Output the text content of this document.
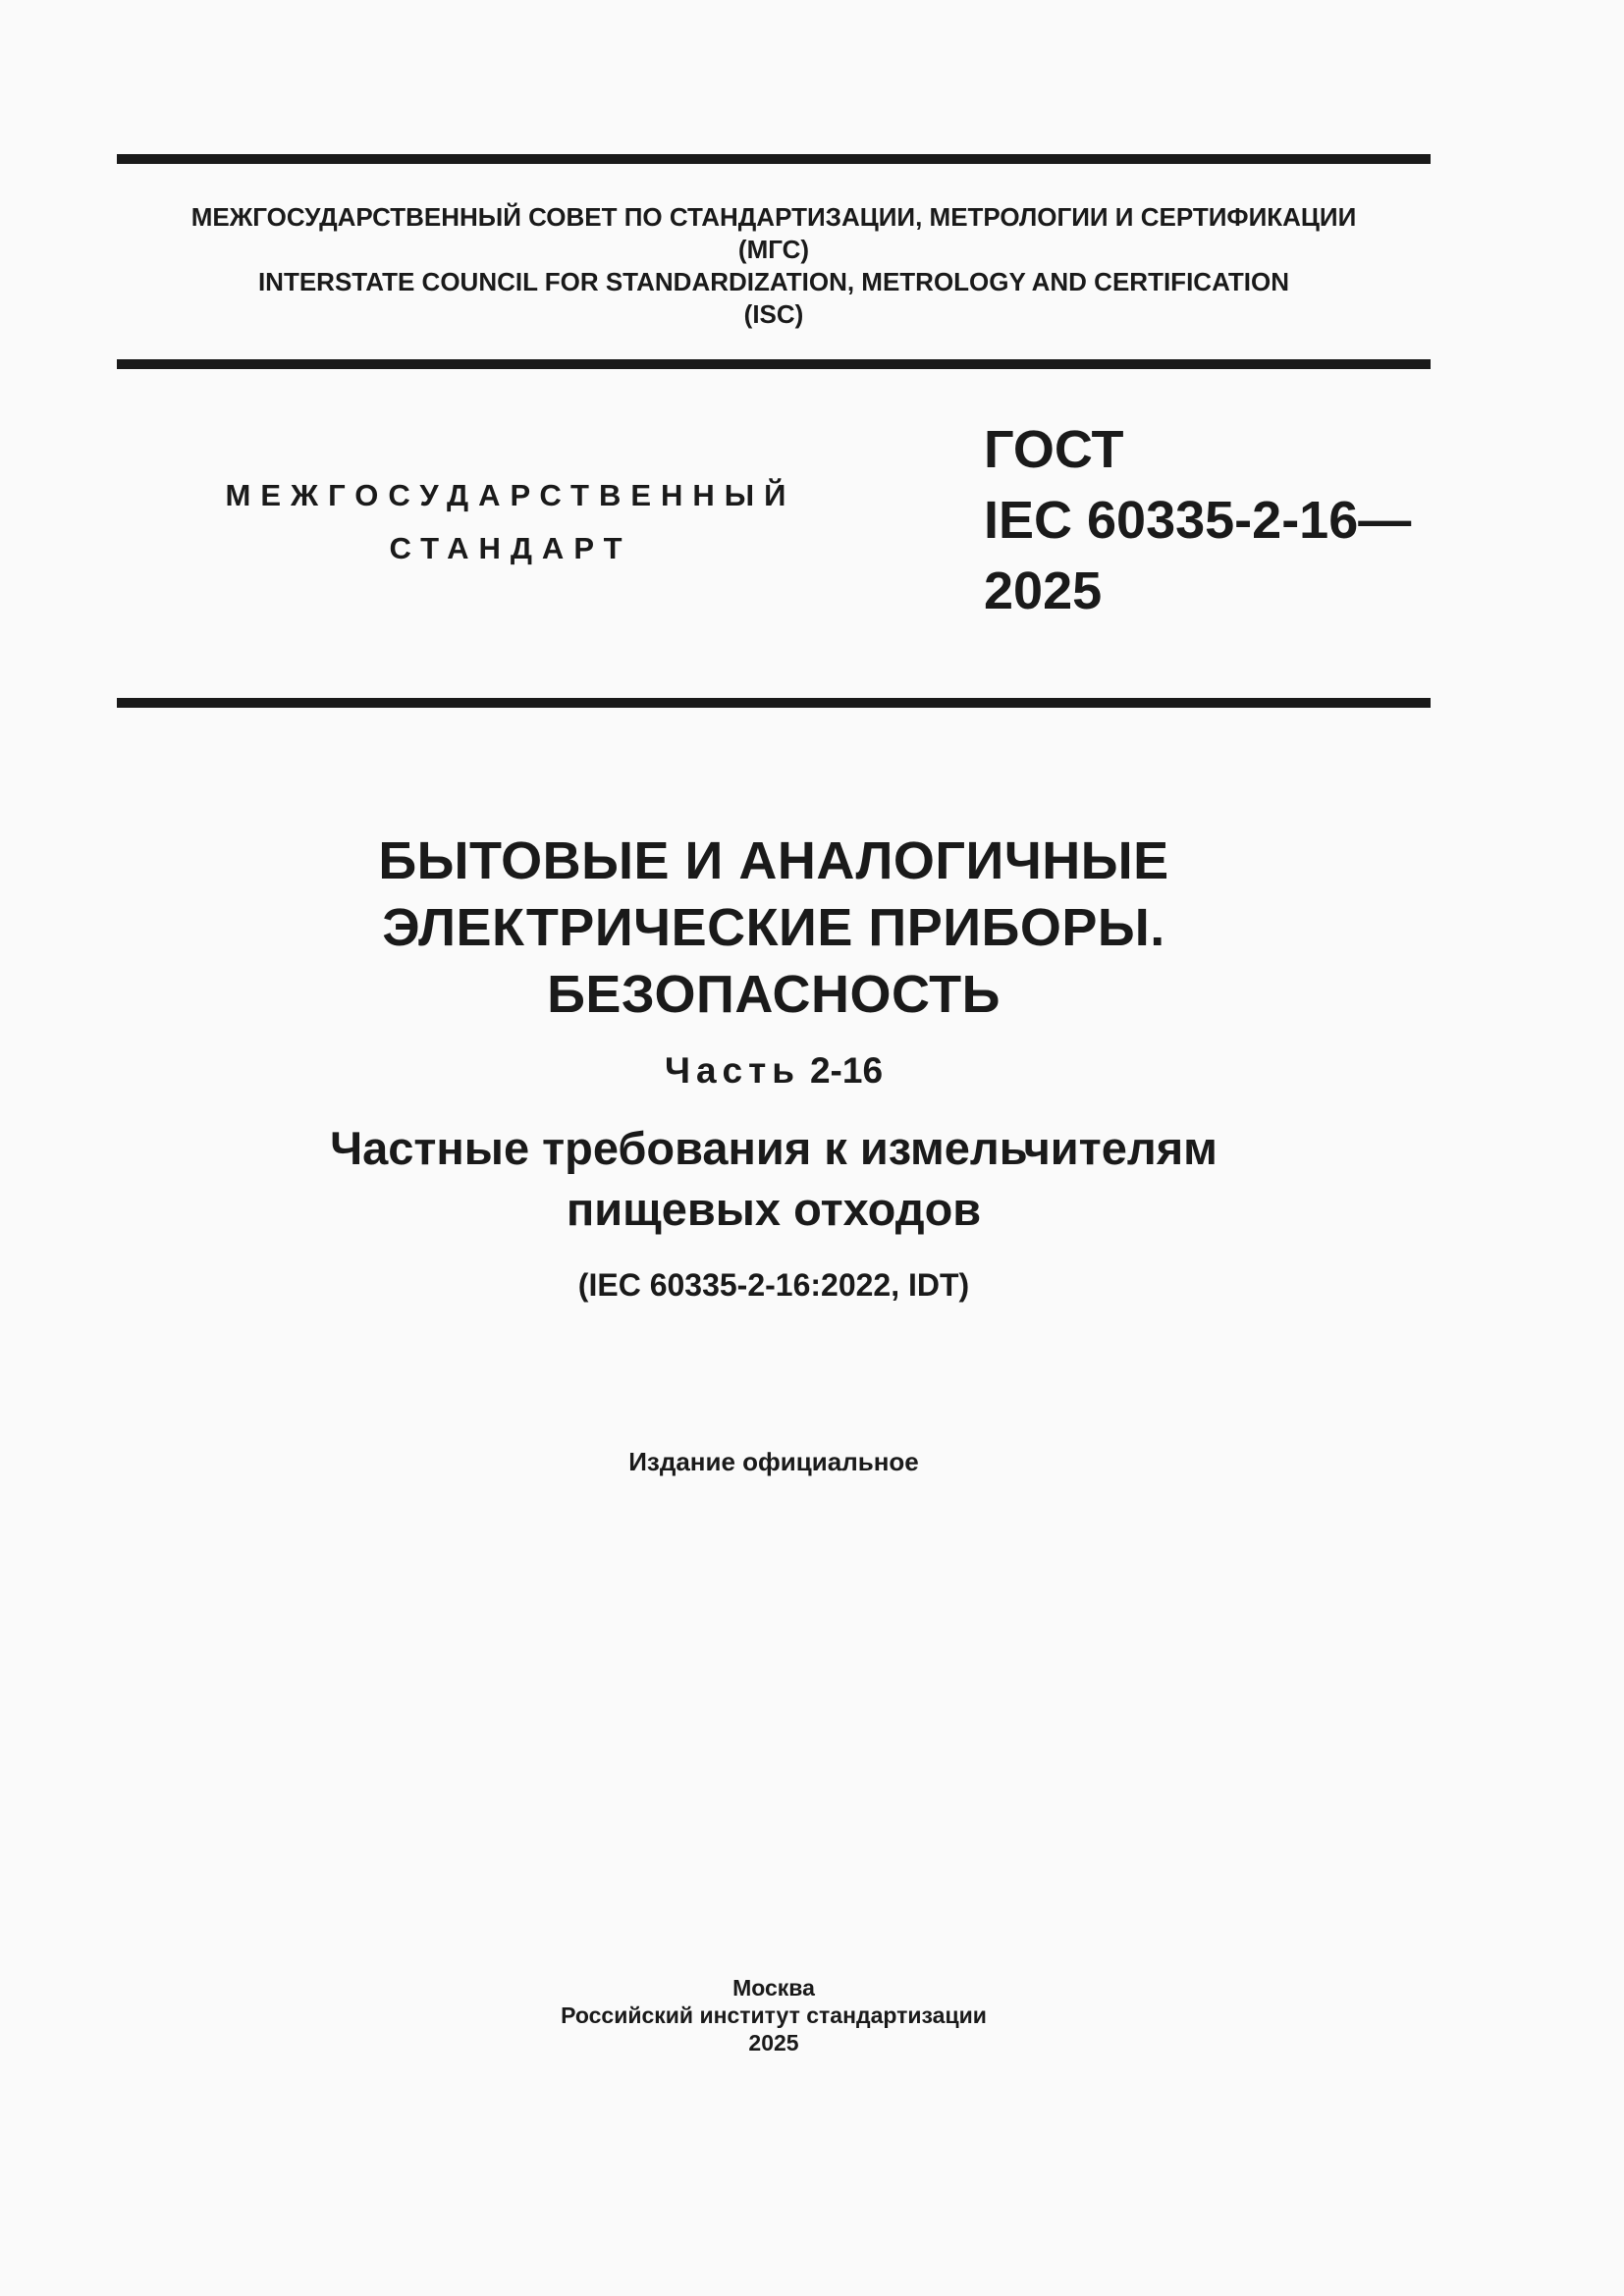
МЕЖГОСУДАРСТВЕННЫЙ СОВЕТ ПО СТАНДАРТИЗАЦИИ, МЕТРОЛОГИИ И СЕРТИФИКАЦИИ
(МГС)
INTERSTATE COUNCIL FOR STANDARDIZATION, METROLOGY AND CERTIFICATION
(ISC)
МЕЖГОСУДАРСТВЕННЫЙ
СТАНДАРТ
ГОСТ
IEC 60335-2-16—
2025
БЫТОВЫЕ И АНАЛОГИЧНЫЕ
ЭЛЕКТРИЧЕСКИЕ ПРИБОРЫ.
БЕЗОПАСНОСТЬ
Часть 2-16
Частные требования к измельчителям
пищевых отходов
(IEC 60335-2-16:2022, IDT)
Издание официальное
Москва
Российский институт стандартизации
2025
